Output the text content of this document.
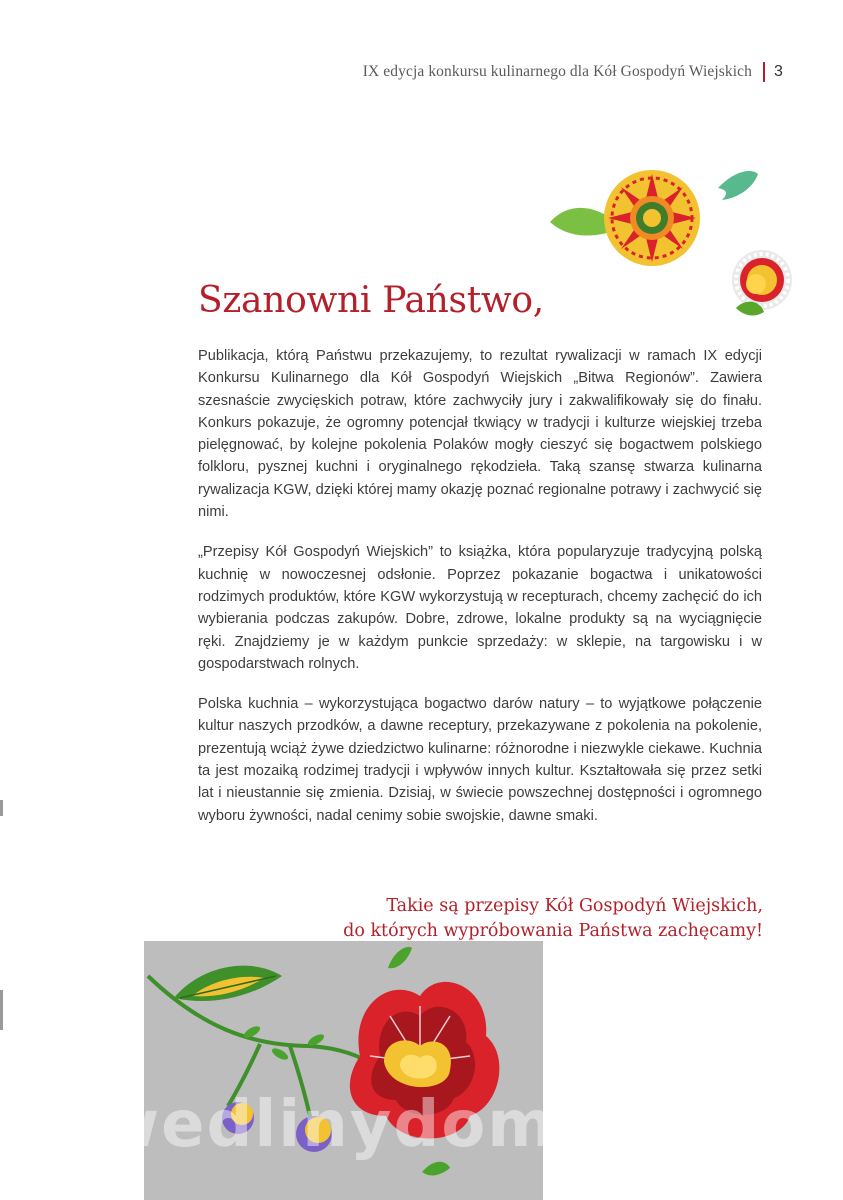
IX edycja konkursu kulinarnego dla Kół Gospodyń Wiejskich 3
Szanowni Państwo,

Publikacja, którą Państwu przekazujemy, to rezultat rywalizacji w ramach IX edycji Konkursu Kulinarnego dla Kół Gospodyń Wiejskich „Bitwa Regionów”. Zawiera szesnaście zwycięskich potraw, które zachwyciły jury i zakwalifikowały się do finału. Konkurs pokazuje, że ogromny potencjał tkwiący w tradycji i kulturze wiejskiej trzeba pielęgnować, by kolejne pokolenia Polaków mogły cieszyć się bogactwem polskiego folkloru, pysznej kuchni i oryginalnego rękodzieła. Taką szansę stwarza kulinarna rywalizacja KGW, dzięki której mamy okazję poznać regionalne potrawy i zachwycić się nimi.

„Przepisy Kół Gospodyń Wiejskich” to książka, która popularyzuje tradycyjną polską kuchnię w nowoczesnej odsłonie. Poprzez pokazanie bogactwa i unikatowości rodzimych produktów, które KGW wykorzystują w recepturach, chcemy zachęcić do ich wybierania podczas zakupów. Dobre, zdrowe, lokalne produkty są na wyciągnięcie ręki. Znajdziemy je w każdym punkcie sprzedaży: w sklepie, na targowisku i w gospodarstwach rolnych.

Polska kuchnia – wykorzystująca bogactwo darów natury – to wyjątkowe połączenie kultur naszych przodków, a dawne receptury, przekazywane z pokolenia na pokolenie, prezentują wciąż żywe dziedzictwo kulinarne: różnorodne i niezwykle ciekawe. Kuchnia ta jest mozaiką rodzimej tradycji i wpływów innych kultur. Kształtowała się przez setki lat i nieustannie się zmienia. Dzisiaj, w świecie powszechnej dostępności i ogromnego wyboru żywności, nadal cenimy sobie swojskie, dawne smaki.

Takie są przepisy Kół Gospodyń Wiejskich,
do których wypróbowania Państwa zachęcamy!
wedlinydomowe.pl
